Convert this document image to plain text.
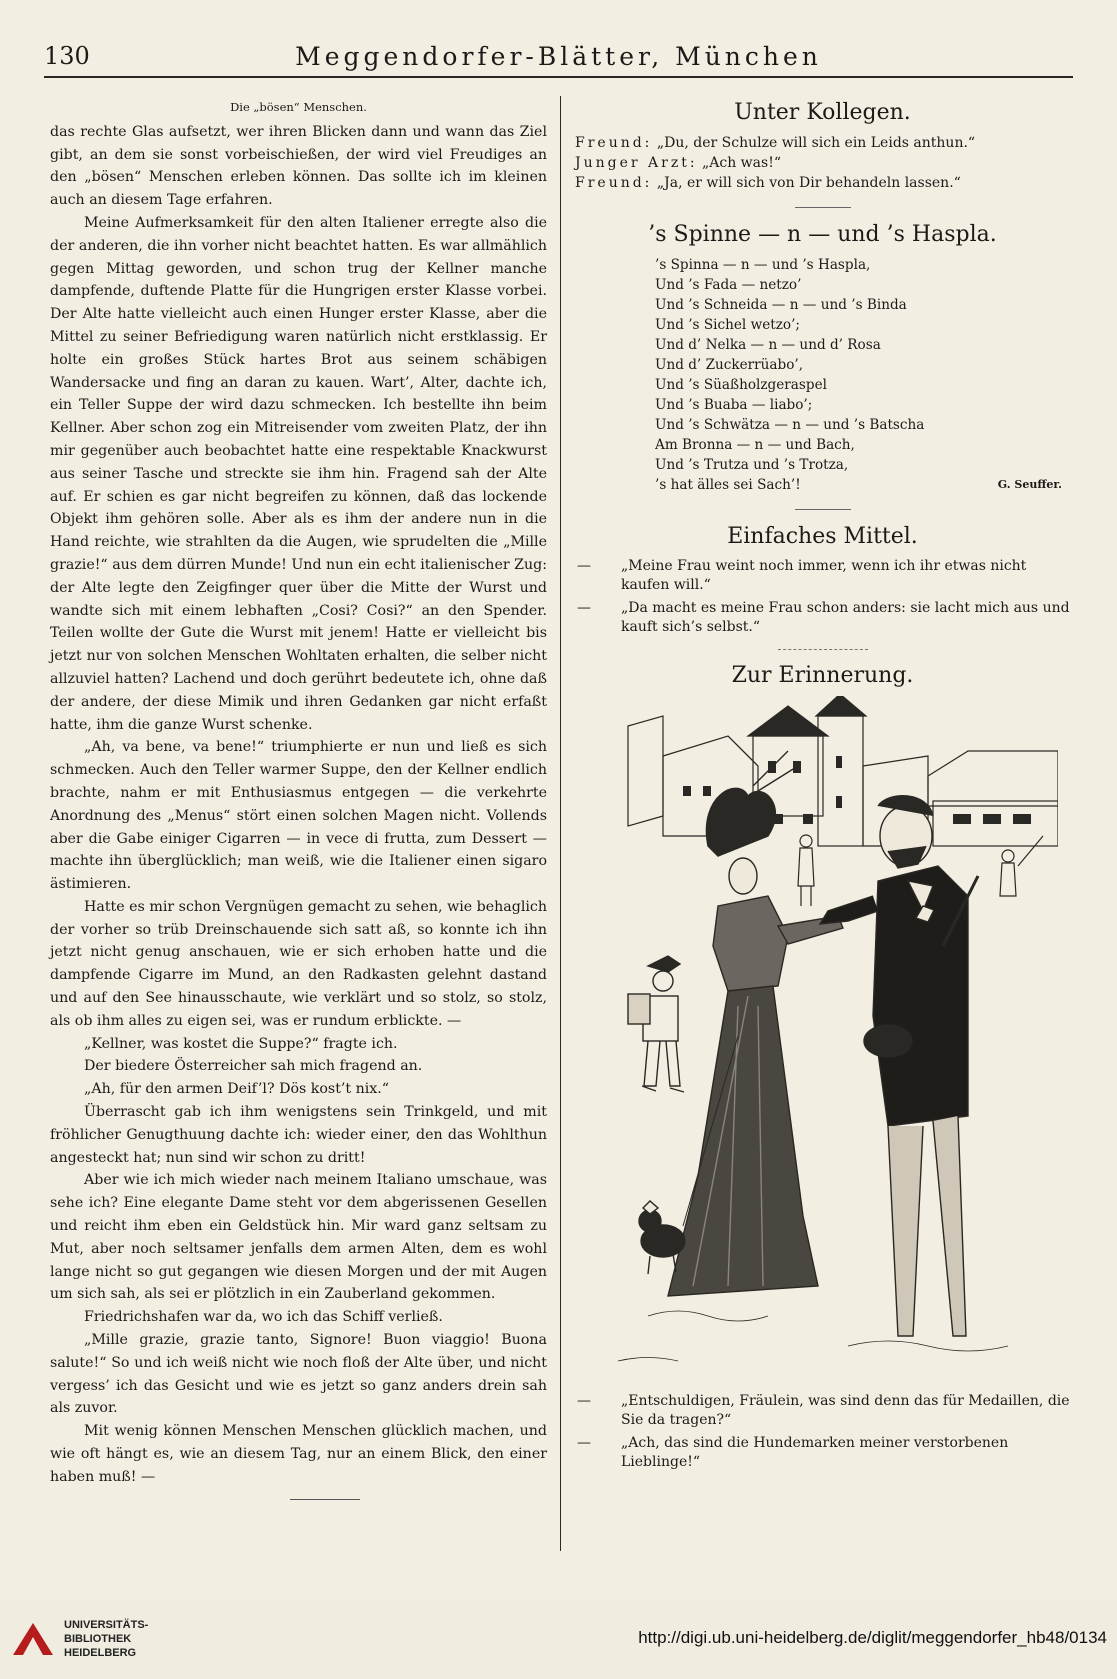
130	Meggendorfer-Blätter, München
Die „bösen“ Menschen.

das rechte Glas aufsetzt, wer ihren Blicken dann und wann das Ziel gibt, an dem sie sonst vorbeischießen, der wird viel Freudiges an den „bösen“ Menschen erleben können. Das sollte ich im kleinen auch an diesem Tage erfahren.

Meine Aufmerksamkeit für den alten Italiener erregte also die der anderen, die ihn vorher nicht beachtet hatten. Es war allmählich gegen Mittag geworden, und schon trug der Kellner manche dampfende, duftende Platte für die Hungrigen erster Klasse vorbei. Der Alte hatte vielleicht auch einen Hunger erster Klasse, aber die Mittel zu seiner Befriedigung waren natürlich nicht erstklassig. Er holte ein großes Stück hartes Brot aus seinem schäbigen Wandersacke und fing an daran zu kauen. Wart’, Alter, dachte ich, ein Teller Suppe der wird dazu schmecken. Ich bestellte ihn beim Kellner. Aber schon zog ein Mitreisender vom zweiten Platz, der ihn mir gegenüber auch beobachtet hatte eine respektable Knackwurst aus seiner Tasche und streckte sie ihm hin. Fragend sah der Alte auf. Er schien es gar nicht begreifen zu können, daß das lockende Objekt ihm gehören solle. Aber als es ihm der andere nun in die Hand reichte, wie strahlten da die Augen, wie sprudelten die „Mille grazie!“ aus dem dürren Munde! Und nun ein echt italienischer Zug: der Alte legte den Zeigfinger quer über die Mitte der Wurst und wandte sich mit einem lebhaften „Cosi? Cosi?“ an den Spender. Teilen wollte der Gute die Wurst mit jenem! Hatte er vielleicht bis jetzt nur von solchen Menschen Wohltaten erhalten, die selber nicht allzuviel hatten? Lachend und doch gerührt bedeutete ich, ohne daß der andere, der diese Mimik und ihren Gedanken gar nicht erfaßt hatte, ihm die ganze Wurst schenke.

„Ah, va bene, va bene!“ triumphierte er nun und ließ es sich schmecken. Auch den Teller warmer Suppe, den der Kellner endlich brachte, nahm er mit Enthusiasmus entgegen — die verkehrte Anordnung des „Menus“ stört einen solchen Magen nicht. Vollends aber die Gabe einiger Cigarren — in vece di frutta, zum Dessert — machte ihn überglücklich; man weiß, wie die Italiener einen sigaro ästimieren.

Hatte es mir schon Vergnügen gemacht zu sehen, wie behaglich der vorher so trüb Dreinschauende sich satt aß, so konnte ich ihn jetzt nicht genug anschauen, wie er sich erhoben hatte und die dampfende Cigarre im Mund, an den Radkasten gelehnt dastand und auf den See hinausschaute, wie verklärt und so stolz, so stolz, als ob ihm alles zu eigen sei, was er rundum erblickte. —

„Kellner, was kostet die Suppe?“ fragte ich.

Der biedere Österreicher sah mich fragend an.

„Ah, für den armen Deif’l? Dös kost’t nix.“

Überrascht gab ich ihm wenigstens sein Trinkgeld, und mit fröhlicher Genugthuung dachte ich: wieder einer, den das Wohlthun angesteckt hat; nun sind wir schon zu dritt!

Aber wie ich mich wieder nach meinem Italiano umschaue, was sehe ich? Eine elegante Dame steht vor dem abgerissenen Gesellen und reicht ihm eben ein Geldstück hin. Mir ward ganz seltsam zu Mut, aber noch seltsamer jenfalls dem armen Alten, dem es wohl lange nicht so gut gegangen wie diesen Morgen und der mit Augen um sich sah, als sei er plötzlich in ein Zauberland gekommen.

Friedrichshafen war da, wo ich das Schiff verließ.

„Mille grazie, grazie tanto, Signore! Buon viaggio! Buona salute!“ So und ich weiß nicht wie noch floß der Alte über, und nicht vergess’ ich das Gesicht und wie es jetzt so ganz anders drein sah als zuvor.

Mit wenig können Menschen Menschen glücklich machen, und wie oft hängt es, wie an diesem Tag, nur an einem Blick, den einer haben muß! —

Unter Kollegen.
Freund: „Du, der Schulze will sich ein Leids anthun.“
Junger Arzt: „Ach was!“
Freund: „Ja, er will sich von Dir behandeln lassen.“
’s Spinne — n — und ’s Haspla.
’s Spinna — n — und ’s Haspla,
Und ’s Fada — netzo’
Und ’s Schneida — n — und ’s Binda
Und ’s Sichel wetzo’;
Und d’ Nelka — n — und d’ Rosa
Und d’ Zuckerrüabo’,
Und ’s Süaßholzgeraspel
Und ’s Buaba — liabo’;
Und ’s Schwätza — n — und ’s Batscha
Am Bronna — n — und Bach,
Und ’s Trutza und ’s Trotza,
’s hat älles sei Sach’!	G. Seuffer.
Einfaches Mittel.
—	„Meine Frau weint noch immer, wenn ich ihr etwas nicht kaufen will.“
—	„Da macht es meine Frau schon anders: sie lacht mich aus und kauft sich’s selbst.“
Zur Erinnerung.
—	„Entschuldigen, Fräulein, was sind denn das für Medaillen, die Sie da tragen?“
—	„Ach, das sind die Hundemarken meiner verstorbenen Lieblinge!“
UNIVERSITÄTS-
BIBLIOTHEK
HEIDELBERG
http://digi.ub.uni-heidelberg.de/diglit/meggendorfer_hb48/0134
